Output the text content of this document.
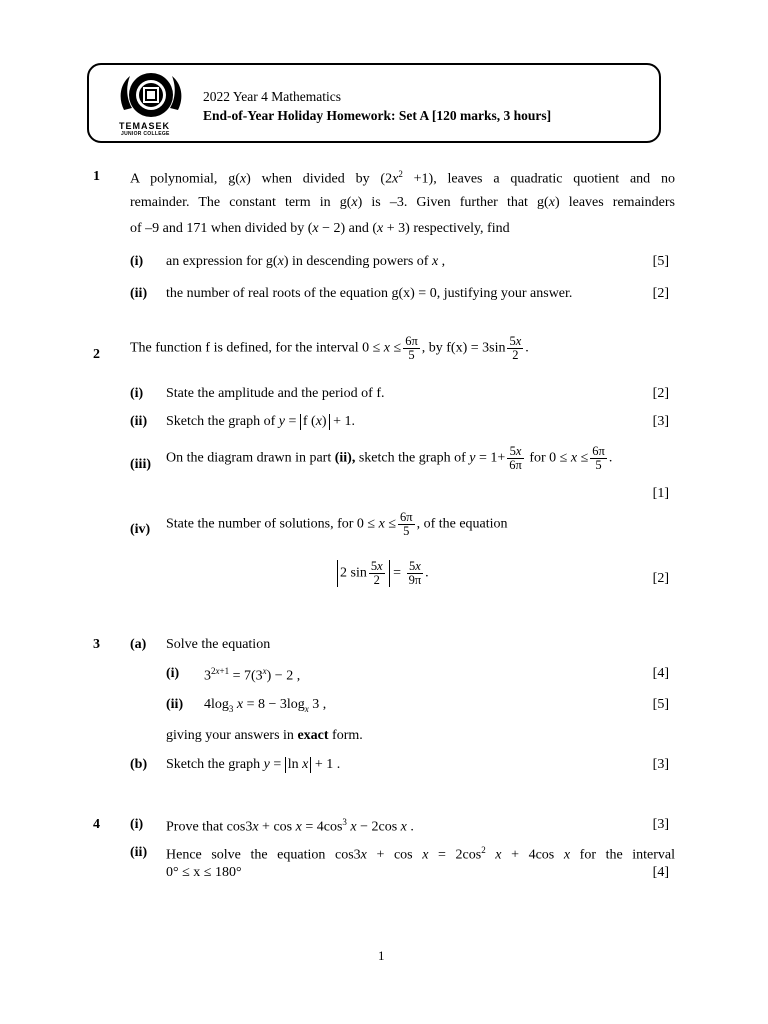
TEMASEK
JUNIOR COLLEGE
2022 Year 4 Mathematics
End-of-Year Holiday Homework: Set A [120 marks, 3 hours]
1 A polynomial, g(x) when divided by $(2x^2 +1)$, leaves a quadratic quotient and no
remainder. The constant term in g(x) is –3. Given further that g(x) leaves remainders
of –9 and 171 when divided by (x − 2) and (x + 3) respectively, find
(i) an expression for g(x) in descending powers of x ,	[5]
(ii) the number of real roots of the equation g(x) = 0, justifying your answer.	[2]
2 The function f is defined, for the interval $0 \le x \le \frac{6\pi}{5}$ , by $f(x) = 3\sin \frac{5x}{2}$ .
(i) State the amplitude and the period of f.	[2]
(ii) Sketch the graph of y = f (x) + 1.	[3]
(iii) On the diagram drawn in part (ii), sketch the graph of $y = 1+ \frac{5x}{6\pi}$ for $0 \le x \le \frac{6\pi}{5}$ .
[1]
(iv) State the number of solutions, for $0 \le x \le \frac{6\pi}{5}$ , of the equation
2 $\sin \frac{5x}{2} = \frac{5x}{9\pi}$ .	[2]
3 (a) Solve the equation
(i) $3^{2x+1} = 7(3^x) - 2$ ,	[4]
(ii) $4\log_3$ $x = 8 - 3\log_x$ 3 ,	[5]
giving your answers in exact form.
(b) Sketch the graph y = ln x + 1 .	[3]
4 (i) Prove that $\cos 3x + \cos x = 4\cos^3$ x − 2cos x .	[3]
(ii) Hence solve the equation $\cos 3x + \cos x = 2\cos^2$ x + 4cos x for the interval
0° ≤ x ≤ 180°	[4]
1
